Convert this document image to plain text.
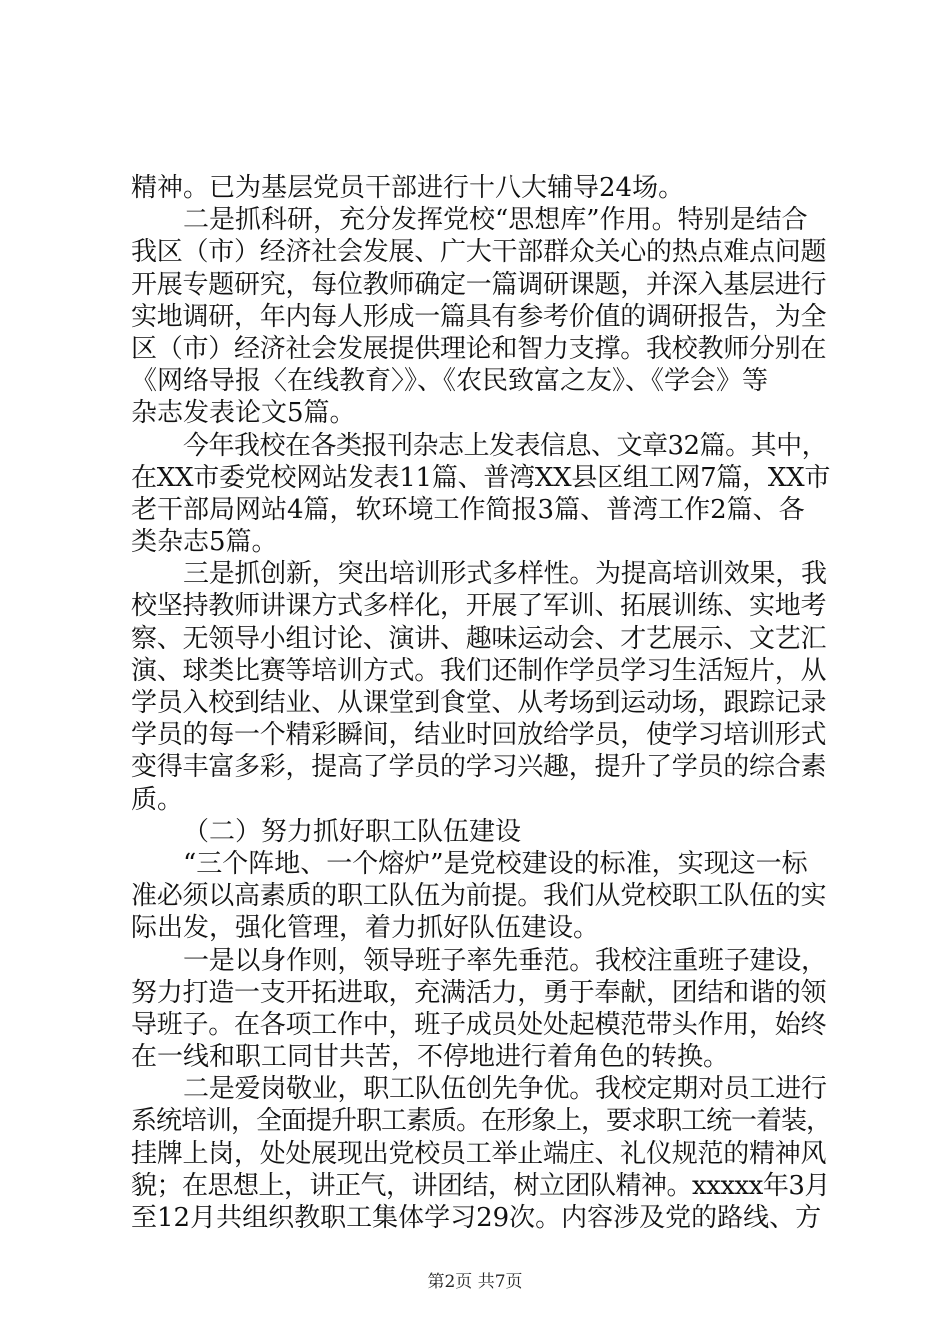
精神。已为基层党员干部进行十八大辅导24场。
二是抓科研，充分发挥党校“思想库”作用。特别是结合
我区（市）经济社会发展、广大干部群众关心的热点难点问题
开展专题研究，每位教师确定一篇调研课题，并深入基层进行
实地调研，年内每人形成一篇具有参考价值的调研报告，为全
区（市）经济社会发展提供理论和智力支撑。我校教师分别在
《网络导报〈在线教育〉》、《农民致富之友》、《学会》等
杂志发表论文5篇。
今年我校在各类报刊杂志上发表信息、文章32篇。其中，
在XX市委党校网站发表11篇、普湾XX县区组工网7篇，XX市
老干部局网站4篇，软环境工作简报3篇、普湾工作2篇、各
类杂志5篇。
三是抓创新，突出培训形式多样性。为提高培训效果，我
校坚持教师讲课方式多样化，开展了军训、拓展训练、实地考
察、无领导小组讨论、演讲、趣味运动会、才艺展示、文艺汇
演、球类比赛等培训方式。我们还制作学员学习生活短片，从
学员入校到结业、从课堂到食堂、从考场到运动场，跟踪记录
学员的每一个精彩瞬间，结业时回放给学员，使学习培训形式
变得丰富多彩，提高了学员的学习兴趣，提升了学员的综合素
质。
（二）努力抓好职工队伍建设
“三个阵地、一个熔炉”是党校建设的标准，实现这一标
准必须以高素质的职工队伍为前提。我们从党校职工队伍的实
际出发，强化管理，着力抓好队伍建设。
一是以身作则，领导班子率先垂范。我校注重班子建设，
努力打造一支开拓进取，充满活力，勇于奉献，团结和谐的领
导班子。在各项工作中，班子成员处处起模范带头作用，始终
在一线和职工同甘共苦，不停地进行着角色的转换。
二是爱岗敬业，职工队伍创先争优。我校定期对员工进行
系统培训，全面提升职工素质。在形象上，要求职工统一着装，
挂牌上岗，处处展现出党校员工举止端庄、礼仪规范的精神风
貌；在思想上，讲正气，讲团结，树立团队精神。xxxxx年3月
至12月共组织教职工集体学习29次。内容涉及党的路线、方
第2页 共7页
